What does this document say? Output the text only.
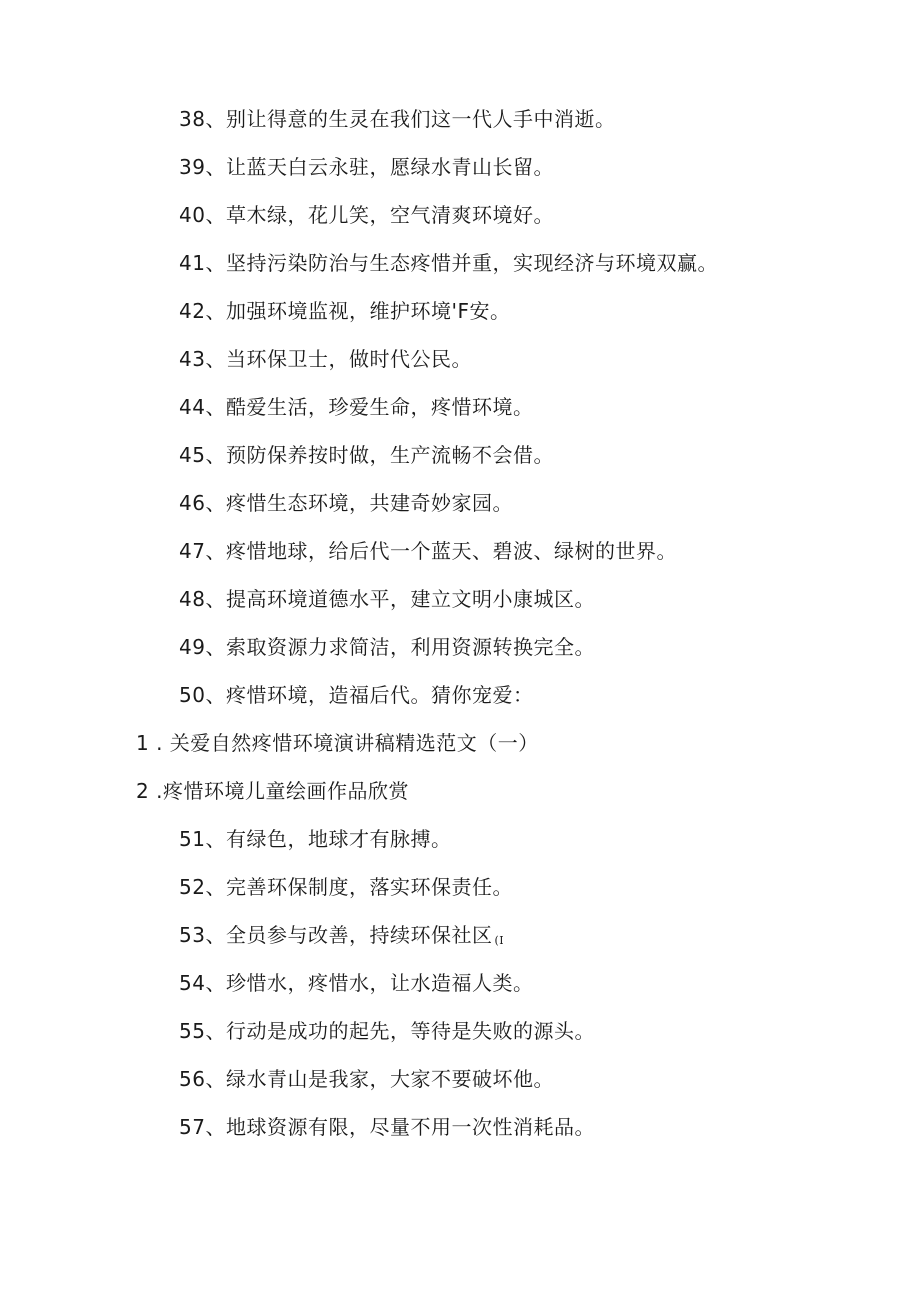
38、别让得意的生灵在我们这一代人手中消逝。
39、让蓝天白云永驻，愿绿水青山长留。
40、草木绿，花儿笑，空气清爽环境好。
41、坚持污染防治与生态疼惜并重，实现经济与环境双赢。
42、加强环境监视，维护环境'F安。
43、当环保卫士，做时代公民。
44、酷爱生活，珍爱生命，疼惜环境。
45、预防保养按时做，生产流畅不会借。
46、疼惜生态环境，共建奇妙家园。
47、疼惜地球，给后代一个蓝天、碧波、绿树的世界。
48、提高环境道德水平，建立文明小康城区。
49、索取资源力求简洁，利用资源转换完全。
50、疼惜环境，造福后代。猜你宠爱：
1 . 关爱自然疼惜环境演讲稿精选范文（一）
2 .疼惜环境儿童绘画作品欣赏
51、有绿色，地球才有脉搏。
52、完善环保制度，落实环保责任。
53、全员参与改善，持续环保社区 (I
54、珍惜水，疼惜水，让水造福人类。
55、行动是成功的起先，等待是失败的源头。
56、绿水青山是我家，大家不要破坏他。
57、地球资源有限，尽量不用一次性消耗品。
